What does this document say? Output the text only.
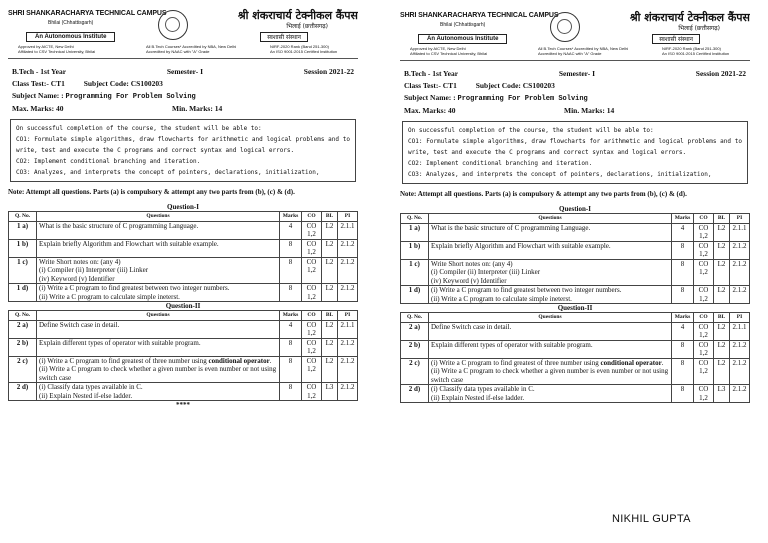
SHRI SHANKARACHARYA TECHNICAL CAMPUS	श्री शंकराचार्य टेक्नीकल कैंपस
Bhilai (Chhattisgarh)	भिलाई (छत्तीसगढ़)
An Autonomous Institute	स्वशासी संस्थान
Approved by AICTE, New Delhi
Affiliated to CSV Technical University, Bhilai
All B.Tech Courses* Accredited by NBA, New Delhi
Accredited by NAAC with "A" Grade
NIRF-2020 Rank (Band 251-300)
An ISO 9001:2015 Certified Institution
B.Tech - 1st Year	Semester- I	Session 2021-22
Class Test:- CT1	Subject Code: CS100203
Subject Name: : Programming For Problem Solving
Max. Marks: 40	Min. Marks: 14
On successful completion of the course, the student will be able to:
CO1: Formulate simple algorithms, draw flowcharts for arithmetic and logical problems and to write, test and execute the C programs and correct syntax and logical errors.
CO2: Implement conditional branching and iteration.
CO3: Analyzes, and interprets the concept of pointers, declarations, initialization,
Note: Attempt all questions. Parts (a) is compulsory & attempt any two parts from (b), (c) & (d).
Question-I
Q. No.	Questions	Marks	CO	BL	PI
1 a)	What is the basic structure of C programming Language.	4	CO 1,2	L2	2.1.1
1 b)	Explain briefly Algorithm and Flowchart with suitable example.	8	CO 1,2	L2	2.1.2
1 c)	Write Short notes on: (any 4)
(i) Compiler (ii) Interpreter (iii) Linker
(iv) Keyword (v) Identifier	8	CO 1,2	L2	2.1.2
1 d)	(i) Write a C program to find greatest between two integer numbers.
(ii) Write a C program to calculate simple ineterst.	8	CO 1,2	L2	2.1.2
Question-II
Q. No.	Questions	Marks	CO	BL	PI
2 a)	Define Switch case in detail.	4	CO 1,2	L2	2.1.1
2 b)	Explain different types of operator with suitable program.	8	CO 1,2	L2	2.1.2
2 c)	(i) Write a C program to find greatest of three number using conditional operator.
(ii) Write a C program to check whether a given number is even number or not using switch case	8	CO 1,2	L2	2.1.2
2 d)	(i) Classify data types available in C.
(ii) Explain Nested if-else ladder.	8	CO 1,2	L3	2.1.2
****
SHRI SHANKARACHARYA TECHNICAL CAMPUS	श्री शंकराचार्य टेक्नीकल कैंपस
Bhilai (Chhattisgarh)	भिलाई (छत्तीसगढ़)
An Autonomous Institute	स्वशासी संस्थान
Approved by AICTE, New Delhi
Affiliated to CSV Technical University, Bhilai
All B.Tech Courses* Accredited by NBA, New Delhi
Accredited by NAAC with "A" Grade
NIRF-2020 Rank (Band 251-300)
An ISO 9001:2015 Certified Institution
B.Tech - 1st Year	Semester- I	Session 2021-22
Class Test:- CT1	Subject Code: CS100203
Subject Name: : Programming For Problem Solving
Max. Marks: 40	Min. Marks: 14
On successful completion of the course, the student will be able to:
CO1: Formulate simple algorithms, draw flowcharts for arithmetic and logical problems and to write, test and execute the C programs and correct syntax and logical errors.
CO2: Implement conditional branching and iteration.
CO3: Analyzes, and interprets the concept of pointers, declarations, initialization,
Note: Attempt all questions. Parts (a) is compulsory & attempt any two parts from (b), (c) & (d).
Question-I
Q. No.	Questions	Marks	CO	BL	PI
1 a)	What is the basic structure of C programming Language.	4	CO 1,2	L2	2.1.1
1 b)	Explain briefly Algorithm and Flowchart with suitable example.	8	CO 1,2	L2	2.1.2
1 c)	Write Short notes on: (any 4)
(i) Compiler (ii) Interpreter (iii) Linker
(iv) Keyword (v) Identifier	8	CO 1,2	L2	2.1.2
1 d)	(i) Write a C program to find greatest between two integer numbers.
(ii) Write a C program to calculate simple ineterst.	8	CO 1,2	L2	2.1.2
Question-II
Q. No.	Questions	Marks	CO	BL	PI
2 a)	Define Switch case in detail.	4	CO 1,2	L2	2.1.1
2 b)	Explain different types of operator with suitable program.	8	CO 1,2	L2	2.1.2
2 c)	(i) Write a C program to find greatest of three number using conditional operator.
(ii) Write a C program to check whether a given number is even number or not using switch case	8	CO 1,2	L2	2.1.2
2 d)	(i) Classify data types available in C.
(ii) Explain Nested if-else ladder.	8	CO 1,2	L3	2.1.2
NIKHIL GUPTA
